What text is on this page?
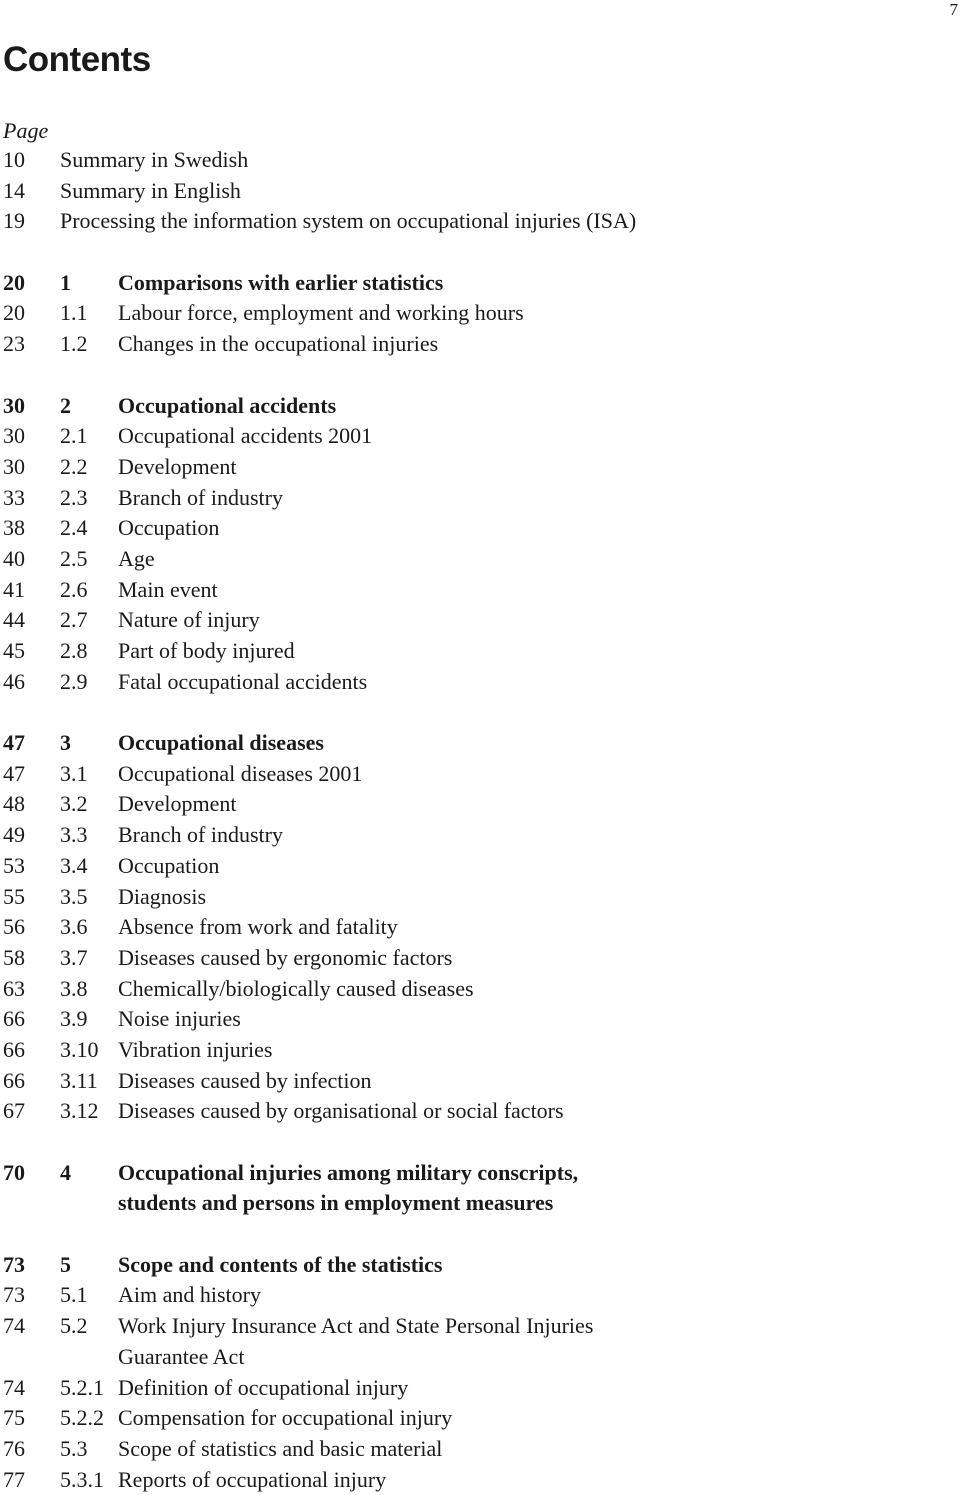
7
Contents
Page
10 Summary in Swedish
14 Summary in English
19 Processing the information system on occupational injuries (ISA)
20 1 Comparisons with earlier statistics
20 1.1 Labour force, employment and working hours
23 1.2 Changes in the occupational injuries
30 2 Occupational accidents
30 2.1 Occupational accidents 2001
30 2.2 Development
33 2.3 Branch of industry
38 2.4 Occupation
40 2.5 Age
41 2.6 Main event
44 2.7 Nature of injury
45 2.8 Part of body injured
46 2.9 Fatal occupational accidents
47 3 Occupational diseases
47 3.1 Occupational diseases 2001
48 3.2 Development
49 3.3 Branch of industry
53 3.4 Occupation
55 3.5 Diagnosis
56 3.6 Absence from work and fatality
58 3.7 Diseases caused by ergonomic factors
63 3.8 Chemically/biologically caused diseases
66 3.9 Noise injuries
66 3.10 Vibration injuries
66 3.11 Diseases caused by infection
67 3.12 Diseases caused by organisational or social factors
70 4 Occupational injuries among military conscripts,
students and persons in employment measures
73 5 Scope and contents of the statistics
73 5.1 Aim and history
74 5.2 Work Injury Insurance Act and State Personal Injuries
Guarantee Act
74 5.2.1 Definition of occupational injury
75 5.2.2 Compensation for occupational injury
76 5.3 Scope of statistics and basic material
77 5.3.1 Reports of occupational injury
